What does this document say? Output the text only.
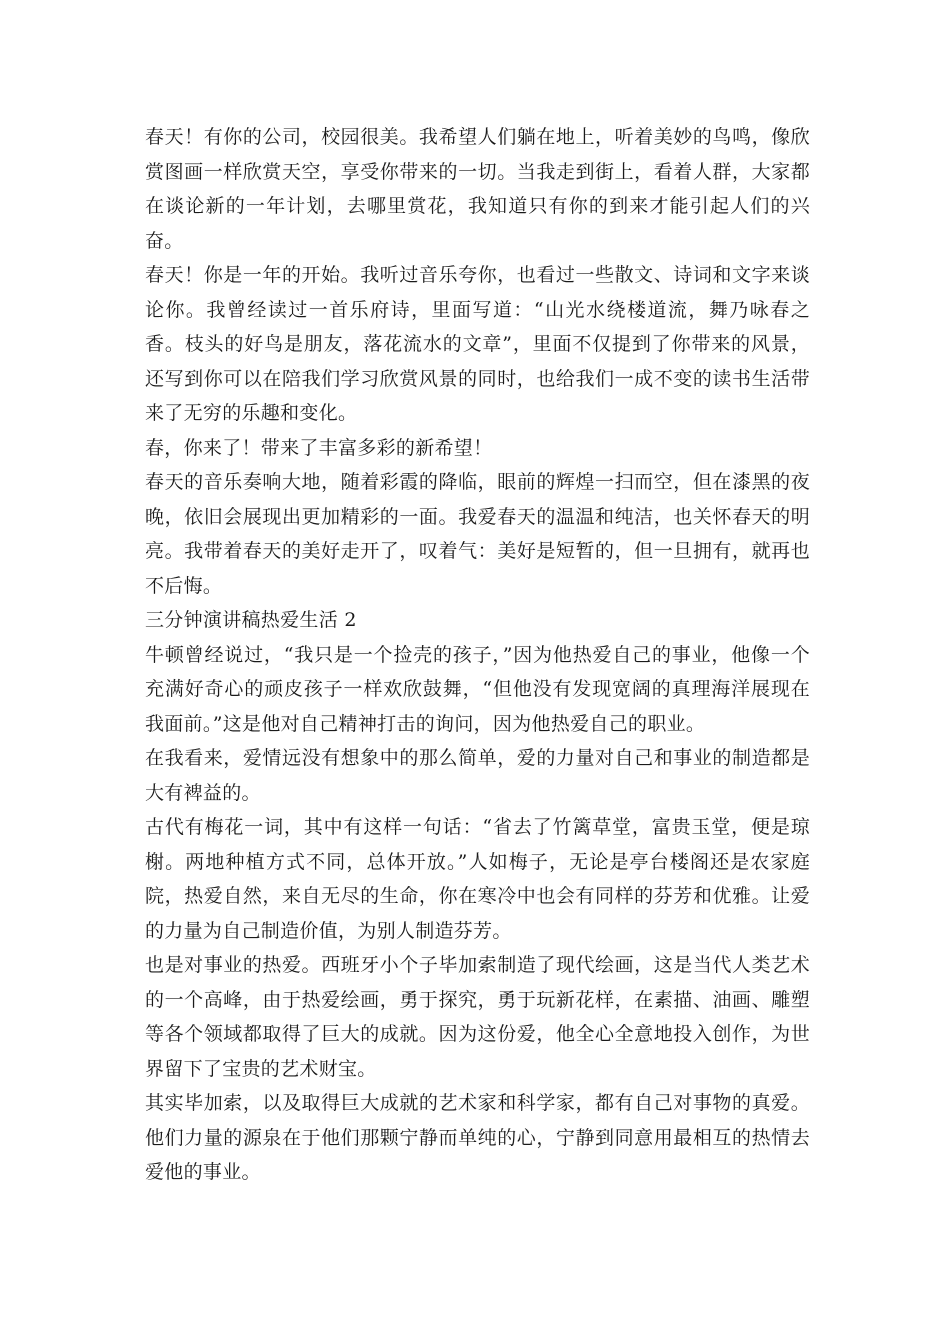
春天！有你的公司，校园很美。我希望人们躺在地上，听着美妙的鸟鸣，像欣赏图画一样欣赏天空，享受你带来的一切。当我走到街上，看着人群，大家都在谈论新的一年计划，去哪里赏花，我知道只有你的到来才能引起人们的兴奋。

春天！你是一年的开始。我听过音乐夸你，也看过一些散文、诗词和文字来谈论你。我曾经读过一首乐府诗，里面写道：“山光水绕楼道流，舞乃咏春之香。枝头的好鸟是朋友，落花流水的文章”，里面不仅提到了你带来的风景，还写到你可以在陪我们学习欣赏风景的同时，也给我们一成不变的读书生活带来了无穷的乐趣和变化。

春，你来了！带来了丰富多彩的新希望！

春天的音乐奏响大地，随着彩霞的降临，眼前的辉煌一扫而空，但在漆黑的夜晚，依旧会展现出更加精彩的一面。我爱春天的温温和纯洁，也关怀春天的明亮。我带着春天的美好走开了，叹着气：美好是短暂的，但一旦拥有，就再也不后悔。

三分钟演讲稿热爱生活 2

牛顿曾经说过，“我只是一个捡壳的孩子，”因为他热爱自己的事业，他像一个充满好奇心的顽皮孩子一样欢欣鼓舞，“但他没有发现宽阔的真理海洋展现在我面前。”这是他对自己精神打击的询问，因为他热爱自己的职业。

在我看来，爱情远没有想象中的那么简单，爱的力量对自己和事业的制造都是大有裨益的。

古代有梅花一词，其中有这样一句话：“省去了竹篱草堂，富贵玉堂，便是琼榭。两地种植方式不同，总体开放。”人如梅子，无论是亭台楼阁还是农家庭院，热爱自然，来自无尽的生命，你在寒冷中也会有同样的芬芳和优雅。让爱的力量为自己制造价值，为别人制造芬芳。

也是对事业的热爱。西班牙小个子毕加索制造了现代绘画，这是当代人类艺术的一个高峰，由于热爱绘画，勇于探究，勇于玩新花样，在素描、油画、雕塑等各个领域都取得了巨大的成就。因为这份爱，他全心全意地投入创作，为世界留下了宝贵的艺术财宝。

其实毕加索，以及取得巨大成就的艺术家和科学家，都有自己对事物的真爱。他们力量的源泉在于他们那颗宁静而单纯的心，宁静到同意用最相互的热情去爱他的事业。
